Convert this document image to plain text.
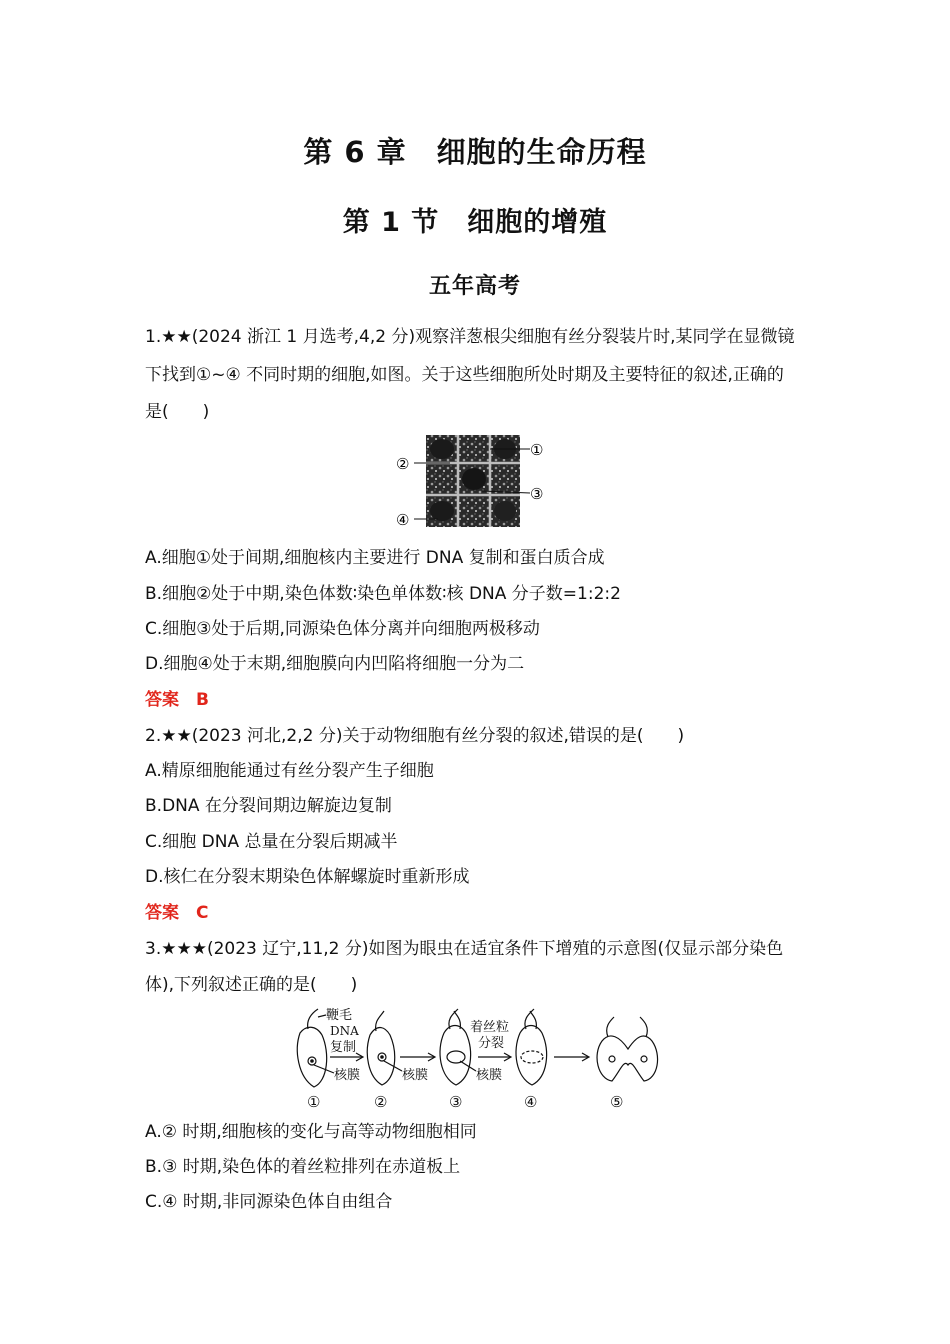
第 6 章　细胞的生命历程
第 1 节　细胞的增殖
五年高考
1.★★(2024 浙江 1 月选考,4,2 分)观察洋葱根尖细胞有丝分裂装片时,某同学在显微镜
下找到①~④ 不同时期的细胞,如图。关于这些细胞所处时期及主要特征的叙述,正确的
是(　　)
①
②
③
④
A.细胞①处于间期,细胞核内主要进行 DNA 复制和蛋白质合成
B.细胞②处于中期,染色体数∶染色单体数∶核 DNA 分子数=1:2:2
C.细胞③处于后期,同源染色体分离并向细胞两极移动
D.细胞④处于末期,细胞膜向内凹陷将细胞一分为二
答案　B
2.★★(2023 河北,2,2 分)关于动物细胞有丝分裂的叙述,错误的是(　　)
A.精原细胞能通过有丝分裂产生子细胞
B.DNA 在分裂间期边解旋边复制
C.细胞 DNA 总量在分裂后期减半
D.核仁在分裂末期染色体解螺旋时重新形成
答案　C
3.★★★(2023 辽宁,11,2 分)如图为眼虫在适宜条件下增殖的示意图(仅显示部分染色
体),下列叙述正确的是(　　)
鞭毛
DNA
复制
核膜	核膜
着丝粒
分裂
核膜
①	②	③	④	⑤
A.② 时期,细胞核的变化与高等动物细胞相同
B.③ 时期,染色体的着丝粒排列在赤道板上
C.④ 时期,非同源染色体自由组合
